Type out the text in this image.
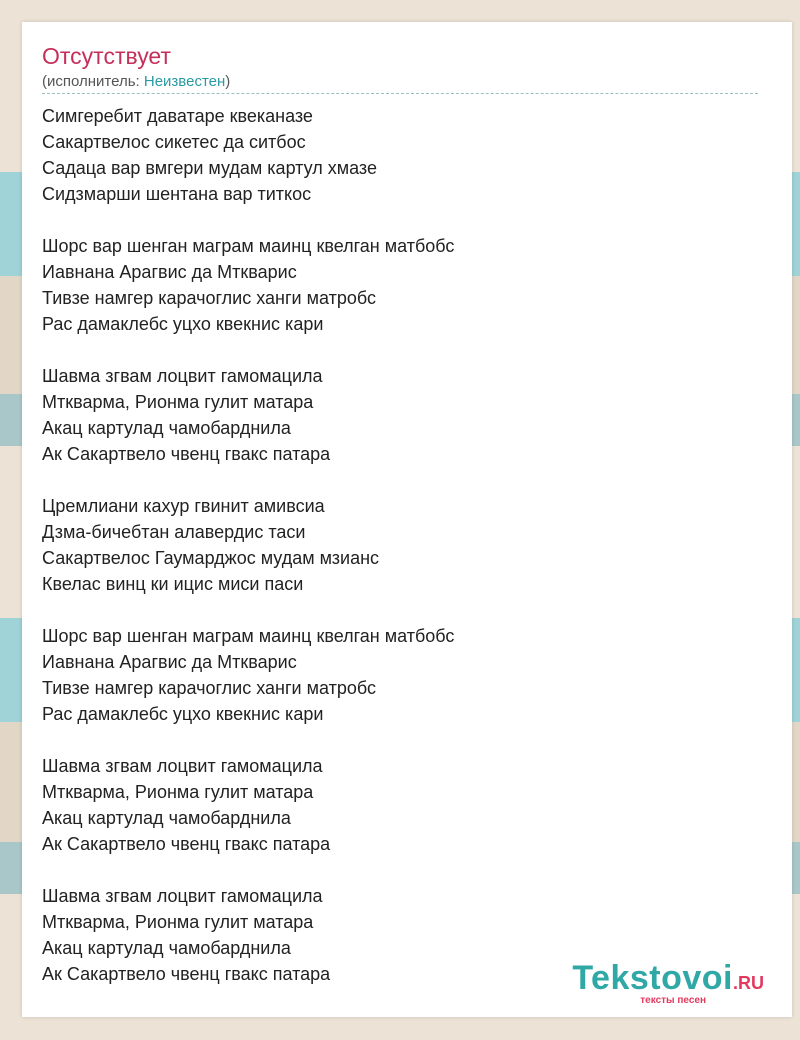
Отсутствует
(исполнитель: Неизвестен)
Симгеребит даватаре квеканазе
Сакартвелос сикетес да ситбос
Садаца вар вмгери мудам картул хмазе
Сидзмарши шентана вар титкос
Шорс вар шенган маграм маинц квелган матбобс
Иавнана Арагвис да Мткварис
Тивзе намгер карачоглис ханги матробс
Рас дамаклебс уцхо квекнис кари
Шавма згвам лоцвит гамомацила
Мткварма, Рионма гулит матара
Акац картулад чамобарднила
Ак Сакартвело чвенц гвакс патара
Цремлиани кахур гвинит амивсиа
Дзма-бичебтан алавердис таси
Сакартвелос Гаумарджос мудам мзианс
Квелас винц ки ицис миси паси
Шорс вар шенган маграм маинц квелган матбобс
Иавнана Арагвис да Мткварис
Тивзе намгер карачоглис ханги матробс
Рас дамаклебс уцхо квекнис кари
Шавма згвам лоцвит гамомацила
Мткварма, Рионма гулит матара
Акац картулад чамобарднила
Ак Сакартвело чвенц гвакс патара
Шавма згвам лоцвит гамомацила
Мткварма, Рионма гулит матара
Акац картулад чамобарднила
Ак Сакартвело чвенц гвакс патара	Tekstovoi.RU
тексты песен
